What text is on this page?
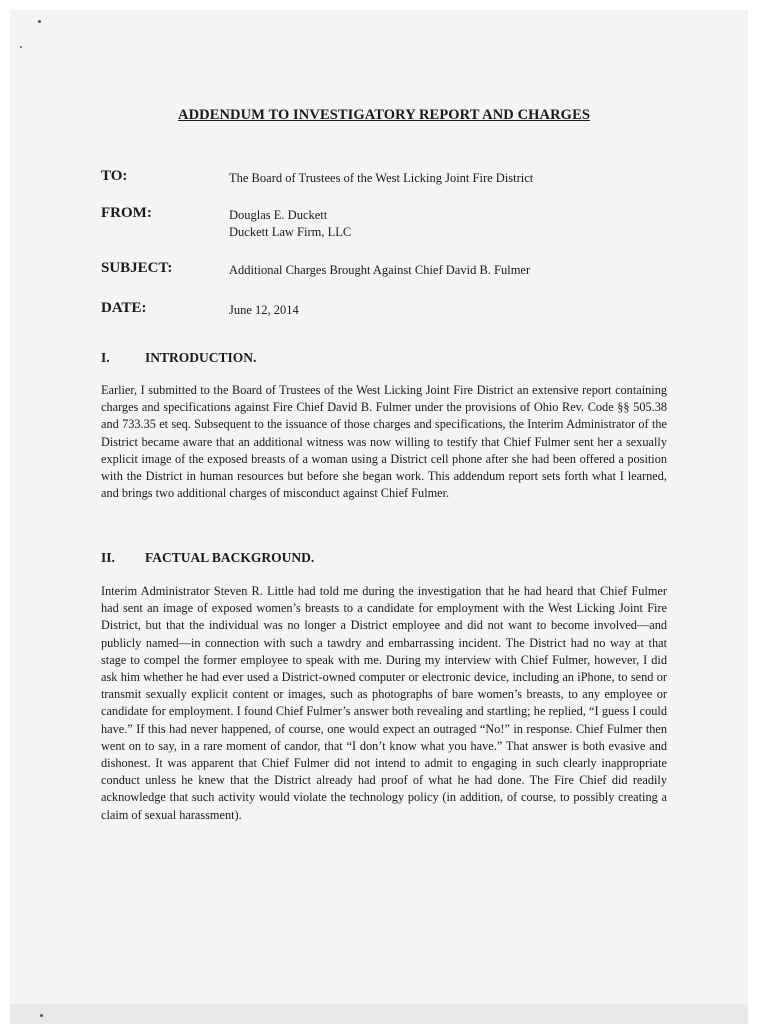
ADDENDUM TO INVESTIGATORY REPORT AND CHARGES
TO:	The Board of Trustees of the West Licking Joint Fire District
FROM:	Douglas E. Duckett
Duckett Law Firm, LLC
SUBJECT:	Additional Charges Brought Against Chief David B. Fulmer
DATE:	June 12, 2014
I.	INTRODUCTION.

Earlier, I submitted to the Board of Trustees of the West Licking Joint Fire District an extensive report containing charges and specifications against Fire Chief David B. Fulmer under the provisions of Ohio Rev. Code §§ 505.38 and 733.35 et seq. Subsequent to the issuance of those charges and specifications, the Interim Administrator of the District became aware that an additional witness was now willing to testify that Chief Fulmer sent her a sexually explicit image of the exposed breasts of a woman using a District cell phone after she had been offered a position with the District in human resources but before she began work. This addendum report sets forth what I learned, and brings two additional charges of misconduct against Chief Fulmer.

II. FACTUAL BACKGROUND.

Interim Administrator Steven R. Little had told me during the investigation that he had heard that Chief Fulmer had sent an image of exposed women’s breasts to a candidate for employment with the West Licking Joint Fire District, but that the individual was no longer a District employee and did not want to become involved—and publicly named—in connection with such a tawdry and embarrassing incident. The District had no way at that stage to compel the former employee to speak with me. During my interview with Chief Fulmer, however, I did ask him whether he had ever used a District-owned computer or electronic device, including an iPhone, to send or transmit sexually explicit content or images, such as photographs of bare women’s breasts, to any employee or candidate for employment. I found Chief Fulmer’s answer both revealing and startling; he replied, “I guess I could have.” If this had never happened, of course, one would expect an outraged “No!” in response. Chief Fulmer then went on to say, in a rare moment of candor, that “I don’t know what you have.” That answer is both evasive and dishonest. It was apparent that Chief Fulmer did not intend to admit to engaging in such clearly inappropriate conduct unless he knew that the District already had proof of what he had done. The Fire Chief did readily acknowledge that such activity would violate the technology policy (in addition, of course, to possibly creating a claim of sexual harassment).
